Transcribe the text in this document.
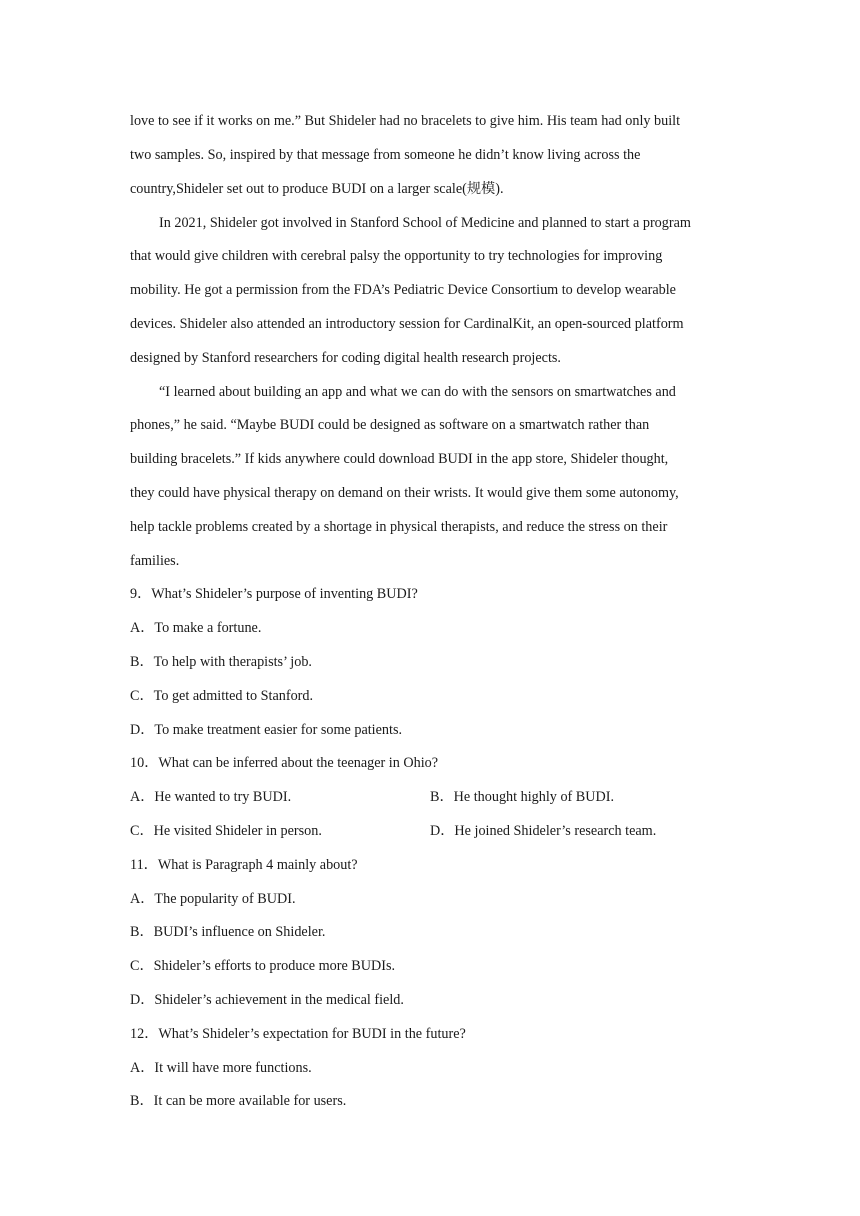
love to see if it works on me.” But Shideler had no bracelets to give him. His team had only built
two samples. So, inspired by that message from someone he didn’t know living across the
country,Shideler set out to produce BUDI on a larger scale(规模).
In 2021, Shideler got involved in Stanford School of Medicine and planned to start a program
that would give children with cerebral palsy the opportunity to try technologies for improving
mobility. He got a permission from the FDA’s Pediatric Device Consortium to develop wearable
devices. Shideler also attended an introductory session for CardinalKit, an open-sourced platform
designed by Stanford researchers for coding digital health research projects.
“I learned about building an app and what we can do with the sensors on smartwatches and
phones,” he said. “Maybe BUDI could be designed as software on a smartwatch rather than
building bracelets.” If kids anywhere could download BUDI in the app store, Shideler thought,
they could have physical therapy on demand on their wrists. It would give them some autonomy,
help tackle problems created by a shortage in physical therapists, and reduce the stress on their
families.
9．What’s Shideler’s purpose of inventing BUDI?
A．To make a fortune.
B．To help with therapists’ job.
C．To get admitted to Stanford.
D．To make treatment easier for some patients.
10．What can be inferred about the teenager in Ohio?
A．He wanted to try BUDI.	B．He thought highly of BUDI.
C．He visited Shideler in person.	D．He joined Shideler’s research team.
11．What is Paragraph 4 mainly about?
A．The popularity of BUDI.
B．BUDI’s influence on Shideler.
C．Shideler’s efforts to produce more BUDIs.
D．Shideler’s achievement in the medical field.
12．What’s Shideler’s expectation for BUDI in the future?
A．It will have more functions.
B．It can be more available for users.
